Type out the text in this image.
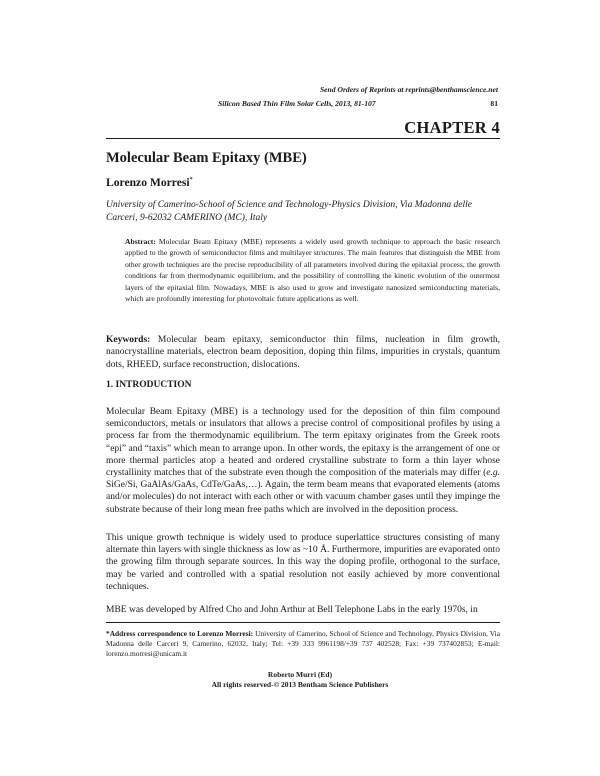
Send Orders of Reprints at reprints@benthamscience.net
Silicon Based Thin Film Solar Cells, 2013, 81-107	81
CHAPTER 4
Molecular Beam Epitaxy (MBE)
Lorenzo Morresi*
University of Camerino-School of Science and Technology-Physics Division, Via Madonna delle Carceri, 9-62032 CAMERINO (MC), Italy
Abstract: Molecular Beam Epitaxy (MBE) represents a widely used growth technique to approach the basic research applied to the growth of semiconductor films and multilayer structures. The main features that distinguish the MBE from other growth techniques are the precise reproducibility of all parameters involved during the epitaxial process, the growth conditions far from thermodynamic equilibrium, and the possibility of controlling the kinetic evolution of the outermost layers of the epitaxial film. Nowadays, MBE is also used to grow and investigate nanosized semiconducting materials, which are profoundly interesting for photovoltaic future applications as well.
Keywords: Molecular beam epitaxy, semiconductor thin films, nucleation in film growth, nanocrystalline materials, electron beam deposition, doping thin films, impurities in crystals, quantum dots, RHEED, surface reconstruction, dislocations.
1. INTRODUCTION
Molecular Beam Epitaxy (MBE) is a technology used for the deposition of thin film compound semiconductors, metals or insulators that allows a precise control of compositional profiles by using a process far from the thermodynamic equilibrium. The term epitaxy originates from the Greek roots “epi” and “taxis” which mean to arrange upon. In other words, the epitaxy is the arrangement of one or more thermal particles atop a heated and ordered crystalline substrate to form a thin layer whose crystallinity matches that of the substrate even though the composition of the materials may differ (e.g. SiGe/Si, GaAlAs/GaAs, CdTe/GaAs,…). Again, the term beam means that evaporated elements (atoms and/or molecules) do not interact with each other or with vacuum chamber gases until they impinge the substrate because of their long mean free paths which are involved in the deposition process.
This unique growth technique is widely used to produce superlattice structures consisting of many alternate thin layers with single thickness as low as ~10 Å. Furthermore, impurities are evaporated onto the growing film through separate sources. In this way the doping profile, orthogonal to the surface, may be varied and controlled with a spatial resolution not easily achieved by more conventional techniques.
MBE was developed by Alfred Cho and John Arthur at Bell Telephone Labs in the early 1970s, in
*Address correspondence to Lorenzo Morresi: University of Camerino, School of Science and Technology, Physics Division, Via Madonna delle Carceri 9, Camerino, 62032, Italy; Tel: +39 333 9961198/+39 737 402528; Fax: +39 737402853; E-mail: lorenzo.morresi@unicam.it
Roberto Murri (Ed)
All rights reserved-© 2013 Bentham Science Publishers
